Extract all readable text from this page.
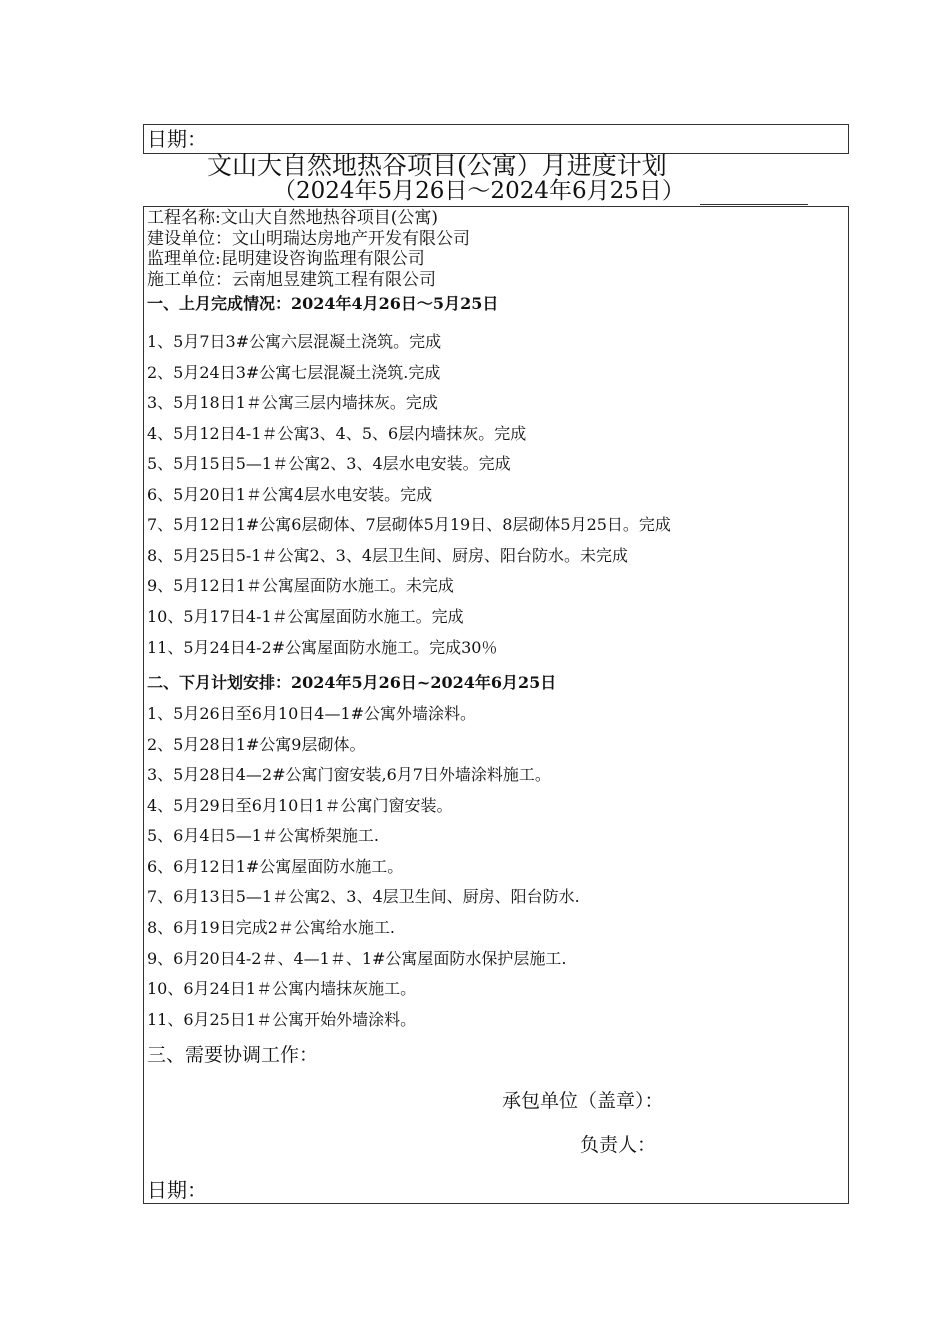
日期：
文山大自然地热谷项目(公寓）月进度计划
（2024年5月26日～2024年6月25日）
工程名称:文山大自然地热谷项目(公寓)
建设单位：文山明瑞达房地产开发有限公司
监理单位:昆明建设咨询监理有限公司
施工单位：云南旭昱建筑工程有限公司
一、上月完成情况：2024年4月26日～5月25日
1、5月7日3#公寓六层混凝土浇筑。完成
2、5月24日3#公寓七层混凝土浇筑.完成
3、5月18日1＃公寓三层内墙抹灰。完成
4、5月12日4-1＃公寓3、4、5、6层内墙抹灰。完成
5、5月15日5—1＃公寓2、3、4层水电安装。完成
6、5月20日1＃公寓4层水电安装。完成
7、5月12日1#公寓6层砌体、7层砌体5月19日、8层砌体5月25日。完成
8、5月25日5-1＃公寓2、3、4层卫生间、厨房、阳台防水。未完成
9、5月12日1＃公寓屋面防水施工。未完成
10、5月17日4-1＃公寓屋面防水施工。完成
11、5月24日4-2#公寓屋面防水施工。完成30％
二、下月计划安排：2024年5月26日~2024年6月25日
1、5月26日至6月10日4—1#公寓外墙涂料。
2、5月28日1#公寓9层砌体。
3、5月28日4—2#公寓门窗安装,6月7日外墙涂料施工。
4、5月29日至6月10日1＃公寓门窗安装。
5、6月4日5—1＃公寓桥架施工.
6、6月12日1#公寓屋面防水施工。
7、6月13日5—1＃公寓2、3、4层卫生间、厨房、阳台防水.
8、6月19日完成2＃公寓给水施工.
9、6月20日4-2＃、4—1＃、1#公寓屋面防水保护层施工.
10、6月24日1＃公寓内墙抹灰施工。
11、6月25日1＃公寓开始外墙涂料。
三、需要协调工作：
承包单位（盖章）：
负责人：
日期：
